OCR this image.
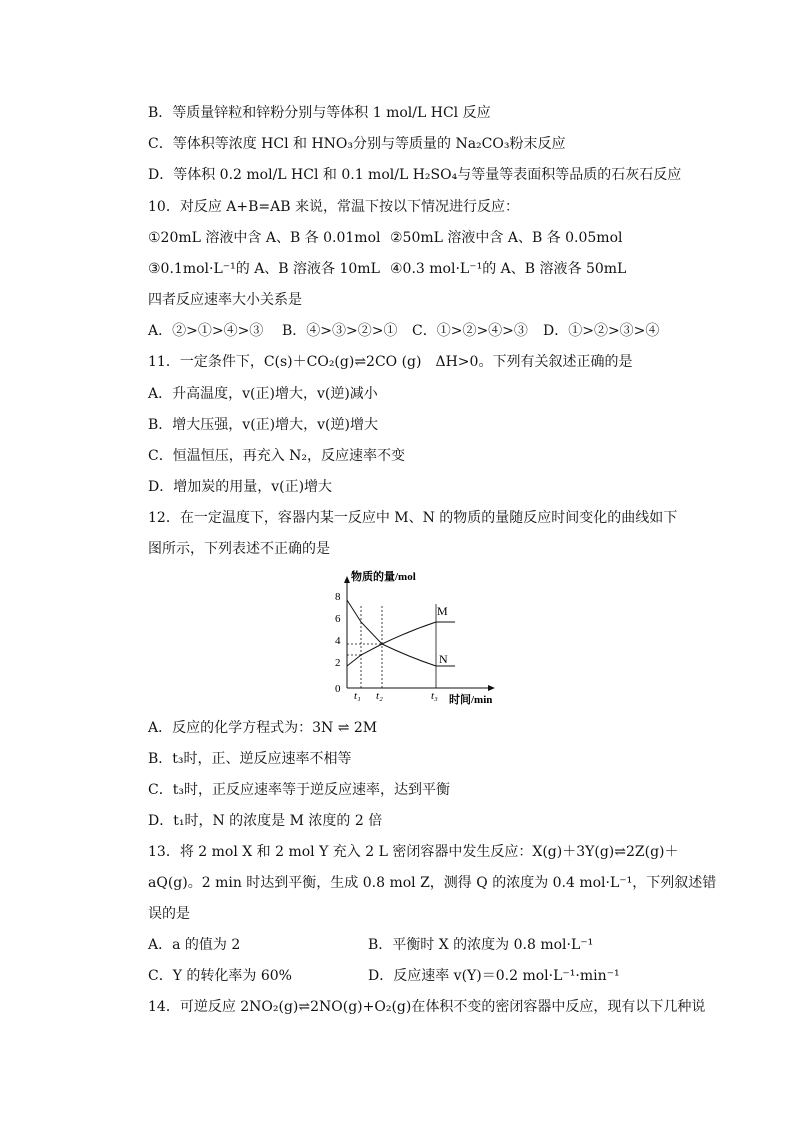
B．等质量锌粒和锌粉分别与等体积 1 mol/L HCl 反应
C．等体积等浓度 HCl 和 HNO₃分别与等质量的 Na₂CO₃粉末反应
D．等体积 0.2 mol/L HCl 和 0.1 mol/L H₂SO₄与等量等表面积等品质的石灰石反应
10．对反应 A+B=AB 来说，常温下按以下情况进行反应：
①20mL 溶液中含 A、B 各 0.01mol ②50mL 溶液中含 A、B 各 0.05mol
③0.1mol·L⁻¹的 A、B 溶液各 10mL ④0.3 mol·L⁻¹的 A、B 溶液各 50mL
四者反应速率大小关系是
A．②>①>④>③ B．④>③>②>① C．①>②>④>③ D．①>②>③>④
11．一定条件下，C(s)＋CO₂(g)⇌2CO (g)　ΔH>0。下列有关叙述正确的是
A．升高温度，v(正)增大，v(逆)减小
B．增大压强，v(正)增大，v(逆)增大
C．恒温恒压，再充入 N₂，反应速率不变
D．增加炭的用量，v(正)增大
12．在一定温度下，容器内某一反应中 M、N 的物质的量随反应时间变化的曲线如下
图所示，下列表述不正确的是
物质的量/mol
时间/min
8
6
4
2
0
t₁ t₂	t₃
M
N
A．反应的化学方程式为：3N ⇌ 2M
B．t₃时，正、逆反应速率不相等
C．t₃时，正反应速率等于逆反应速率，达到平衡
D．t₁时，N 的浓度是 M 浓度的 2 倍
13．将 2 mol X 和 2 mol Y 充入 2 L 密闭容器中发生反应：X(g)＋3Y(g)⇌2Z(g)＋
aQ(g)。2 min 时达到平衡，生成 0.8 mol Z，测得 Q 的浓度为 0.4 mol·L⁻¹，下列叙述错
误的是
A．a 的值为 2	B．平衡时 X 的浓度为 0.8 mol·L⁻¹
C．Y 的转化率为 60%	D．反应速率 v(Y)＝0.2 mol·L⁻¹·min⁻¹
14．可逆反应 2NO₂(g)⇌2NO(g)+O₂(g)在体积不变的密闭容器中反应，现有以下几种说
